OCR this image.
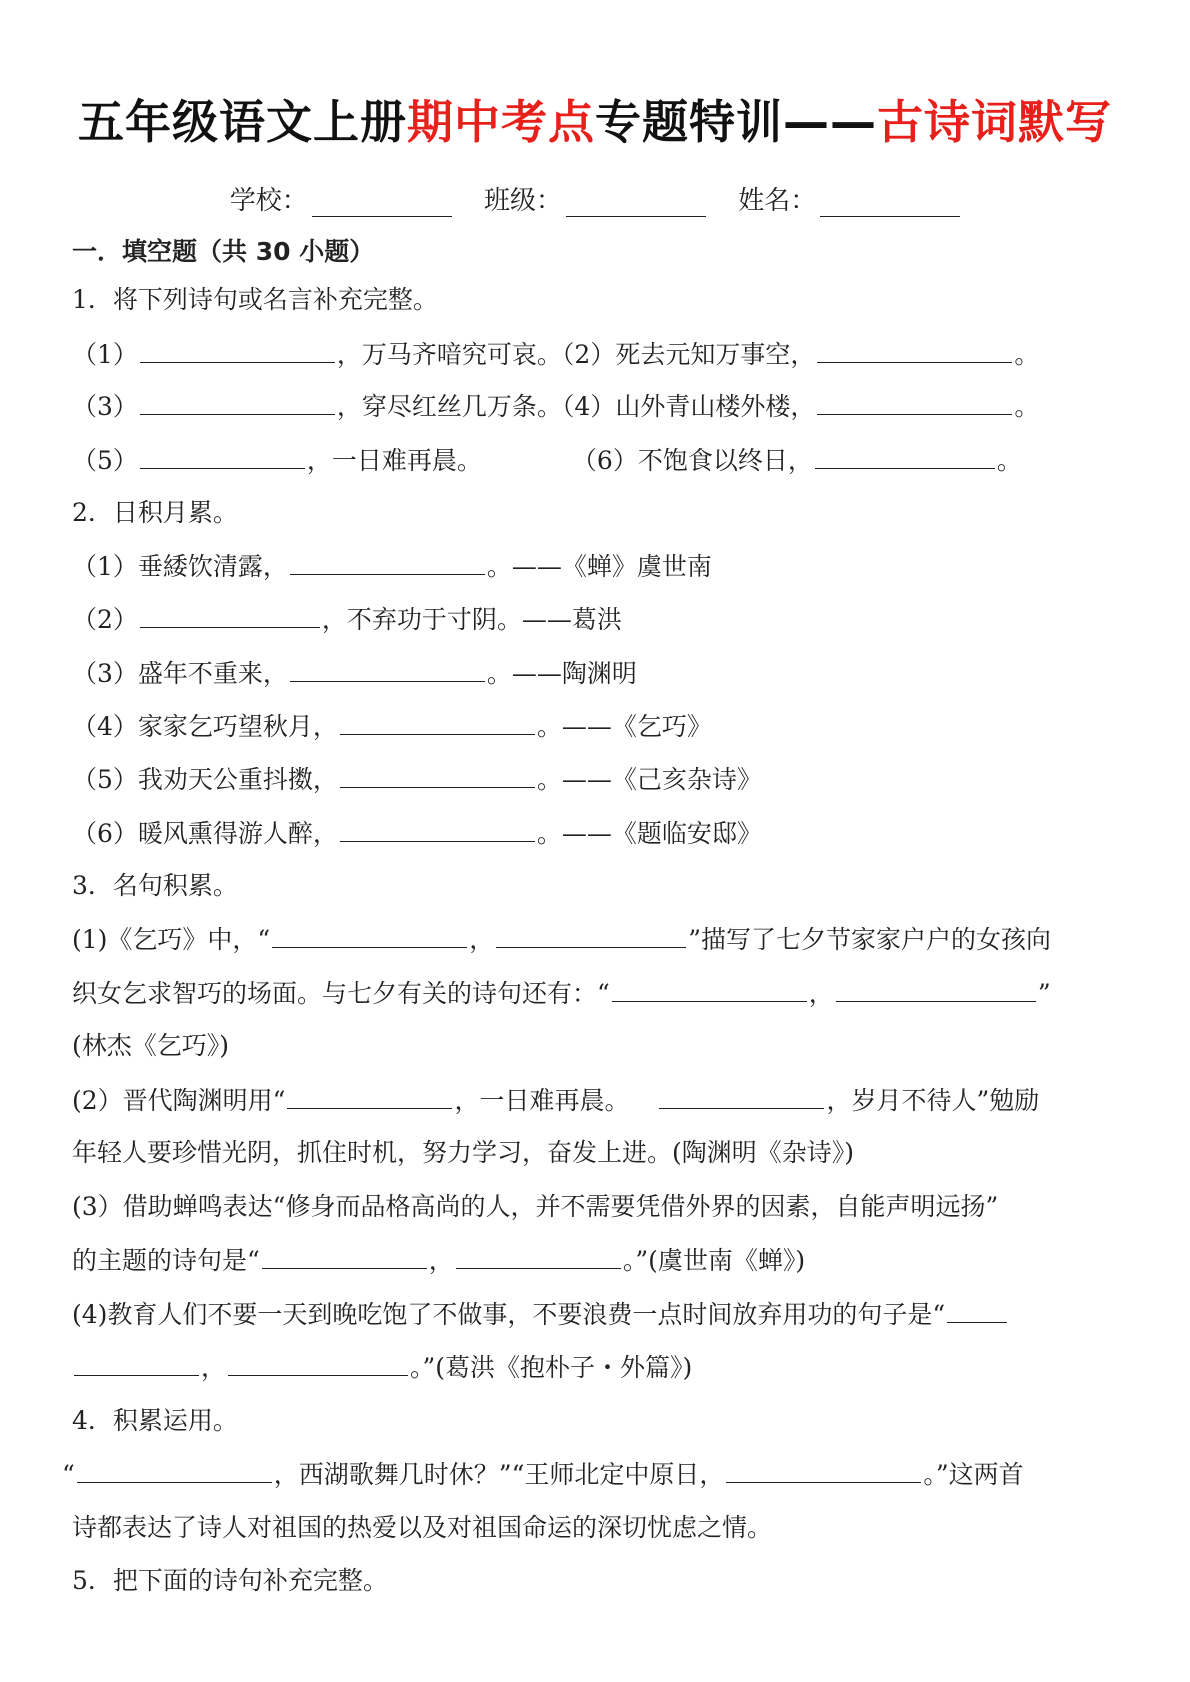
五年级语文上册期中考点专题特训——古诗词默写
学校：	班级：	姓名：
一．填空题（共 30 小题）
1．将下列诗句或名言补充完整。
（1）	，万马齐喑究可哀。（2）死去元知万事空，	。
（3）	，穿尽红丝几万条。（4）山外青山楼外楼，	。
（5）	，一日难再晨。	（6）不饱食以终日，	。
2．日积月累。
（1）垂緌饮清露，	。——《蝉》虞世南
（2）	，不弃功于寸阴。——葛洪
（3）盛年不重来，	。——陶渊明
（4）家家乞巧望秋月，	。——《乞巧》
（5）我劝天公重抖擞，	。——《己亥杂诗》
（6）暖风熏得游人醉，	。——《题临安邸》
3．名句积累。
(1)《乞巧》中，“	，	”描写了七夕节家家户户的女孩向
织女乞求智巧的场面。与七夕有关的诗句还有：“	，	”
(林杰《乞巧》)
(2）晋代陶渊明用“	，一日难再晨。	，岁月不待人”勉励
年轻人要珍惜光阴，抓住时机，努力学习，奋发上进。(陶渊明《杂诗》)
(3）借助蝉鸣表达“修身而品格高尚的人，并不需要凭借外界的因素，自能声明远扬”
的主题的诗句是“	，	。”(虞世南《蝉》)
(4)教育人们不要一天到晚吃饱了不做事，不要浪费一点时间放弃用功的句子是“
，	。”(葛洪《抱朴子・外篇》)
4．积累运用。
“	，西湖歌舞几时休？”“王师北定中原日，	。”这两首
诗都表达了诗人对祖国的热爱以及对祖国命运的深切忧虑之情。
5．把下面的诗句补充完整。
